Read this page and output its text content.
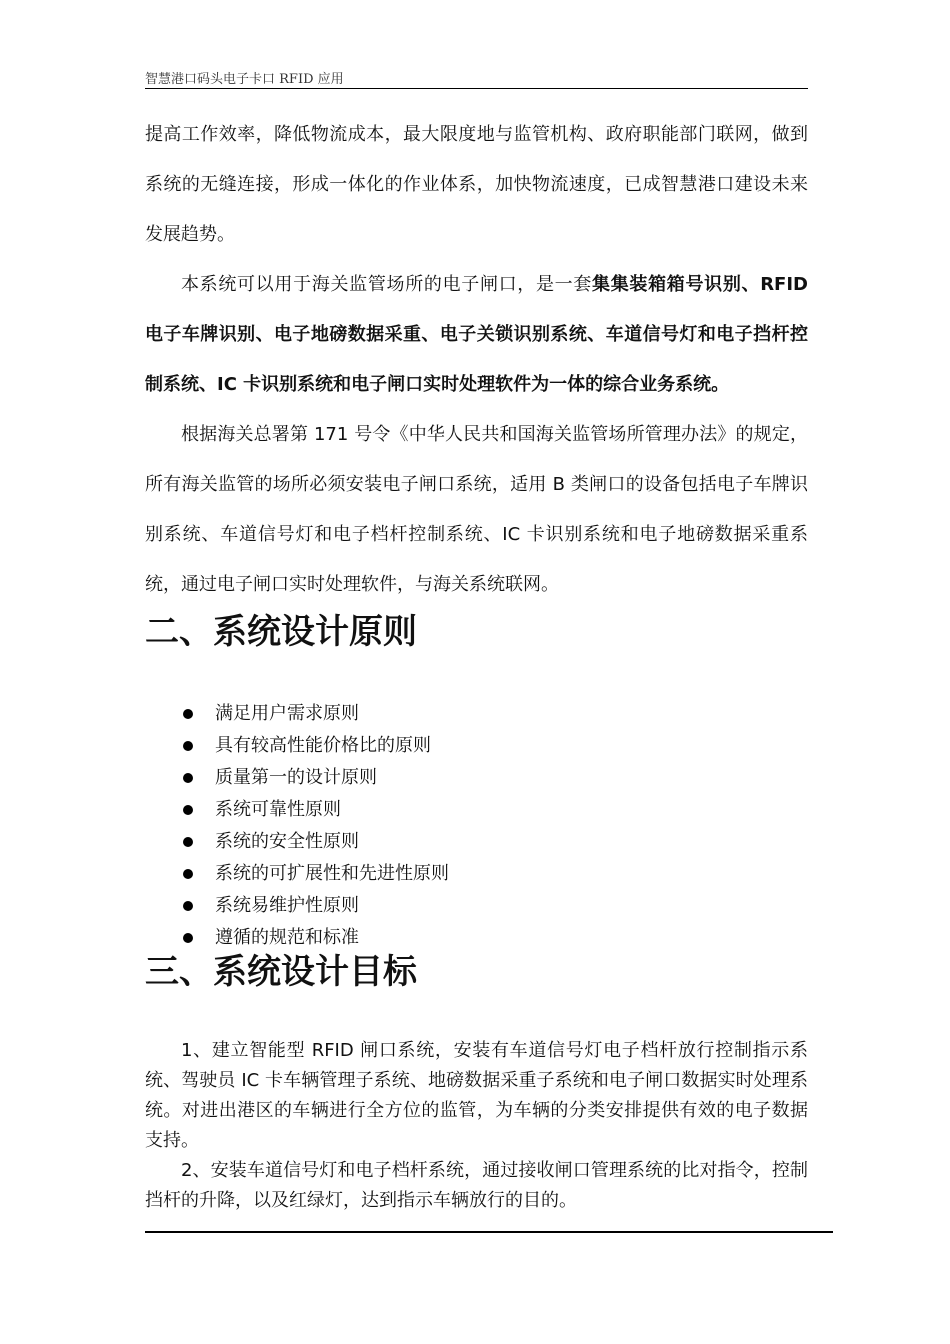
智慧港口码头电子卡口 RFID 应用

提高工作效率，降低物流成本，最大限度地与监管机构、政府职能部门联网，做到系统的无缝连接，形成一体化的作业体系，加快物流速度，已成智慧港口建设未来发展趋势。

本系统可以用于海关监管场所的电子闸口，是一套集集装箱箱号识别、RFID 电子车牌识别、电子地磅数据采重、电子关锁识别系统、车道信号灯和电子挡杆控制系统、IC 卡识别系统和电子闸口实时处理软件为一体的综合业务系统。

根据海关总署第 171 号令《中华人民共和国海关监管场所管理办法》的规定，所有海关监管的场所必须安装电子闸口系统，适用 B 类闸口的设备包括电子车牌识别系统、车道信号灯和电子档杆控制系统、IC 卡识别系统和电子地磅数据采重系统，通过电子闸口实时处理软件，与海关系统联网。

二、系统设计原则
满足用户需求原则
具有较高性能价格比的原则
质量第一的设计原则
系统可靠性原则
系统的安全性原则
系统的可扩展性和先进性原则
系统易维护性原则
遵循的规范和标准
三、系统设计目标

1、建立智能型 RFID 闸口系统，安装有车道信号灯电子档杆放行控制指示系统、驾驶员 IC 卡车辆管理子系统、地磅数据采重子系统和电子闸口数据实时处理系统。对进出港区的车辆进行全方位的监管，为车辆的分类安排提供有效的电子数据支持。

2、安装车道信号灯和电子档杆系统，通过接收闸口管理系统的比对指令，控制挡杆的升降，以及红绿灯，达到指示车辆放行的目的。
